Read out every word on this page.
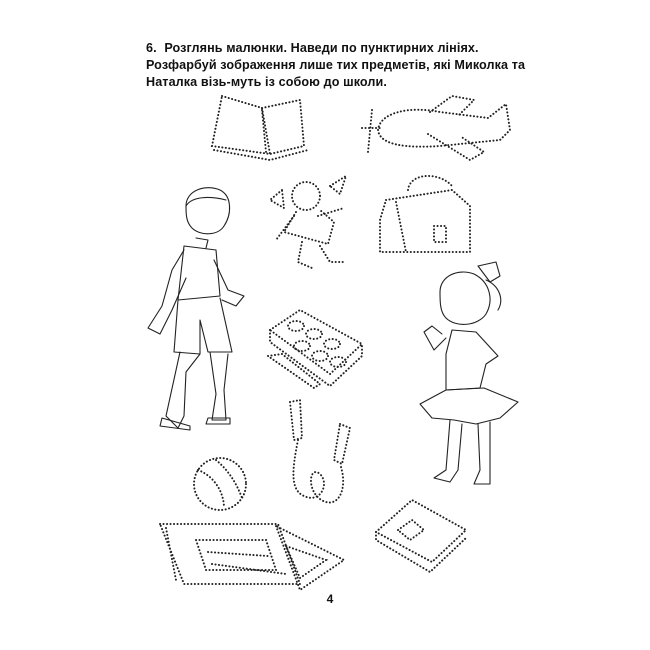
6. Розглянь малюнки. Наведи по пунктирних лініях. Розфарбуй зображення лише тих предметів, які Миколка та Наталка візь-муть із собою до школи.
4
